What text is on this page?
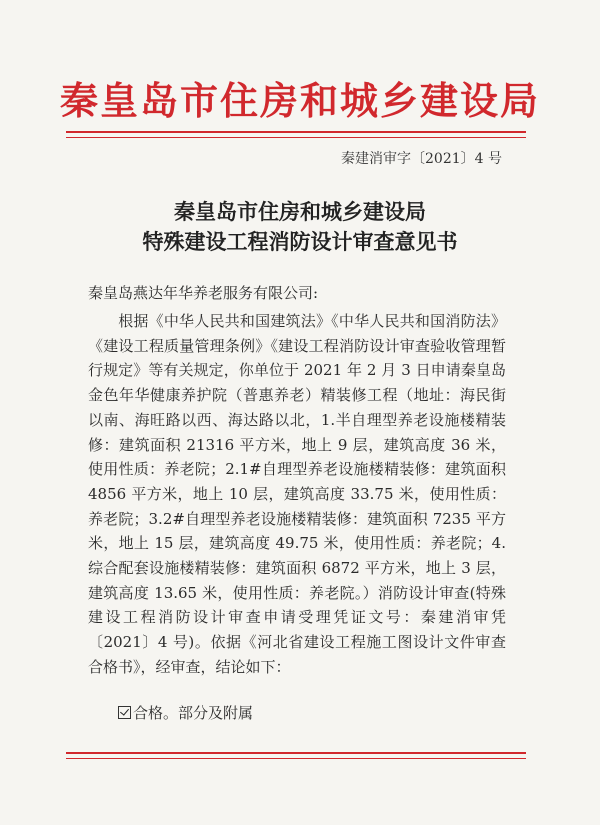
秦皇岛市住房和城乡建设局
秦建消审字〔2021〕4 号
秦皇岛市住房和城乡建设局
特殊建设工程消防设计审查意见书
秦皇岛燕达年华养老服务有限公司:
根据《中华人民共和国建筑法》《中华人民共和国消防法》《建设工程质量管理条例》《建设工程消防设计审查验收管理暂行规定》等有关规定，你单位于 2021 年 2 月 3 日申请秦皇岛金色年华健康养护院（普惠养老）精装修工程（地址：海民街以南、海旺路以西、海达路以北，1.半自理型养老设施楼精装修：建筑面积 21316 平方米，地上 9 层，建筑高度 36 米，使用性质：养老院；2.1#自理型养老设施楼精装修：建筑面积 4856 平方米，地上 10 层，建筑高度 33.75 米，使用性质：养老院；3.2#自理型养老设施楼精装修：建筑面积 7235 平方米，地上 15 层，建筑高度 49.75 米，使用性质：养老院；4.综合配套设施楼精装修：建筑面积 6872 平方米，地上 3 层，建筑高度 13.65 米，使用性质：养老院。）消防设计审查(特殊建设工程消防设计审查申请受理凭证文号：秦建消审凭〔2021〕4 号)。依据《河北省建设工程施工图设计文件审查合格书》，经审查，结论如下：
合格。部分及附属
